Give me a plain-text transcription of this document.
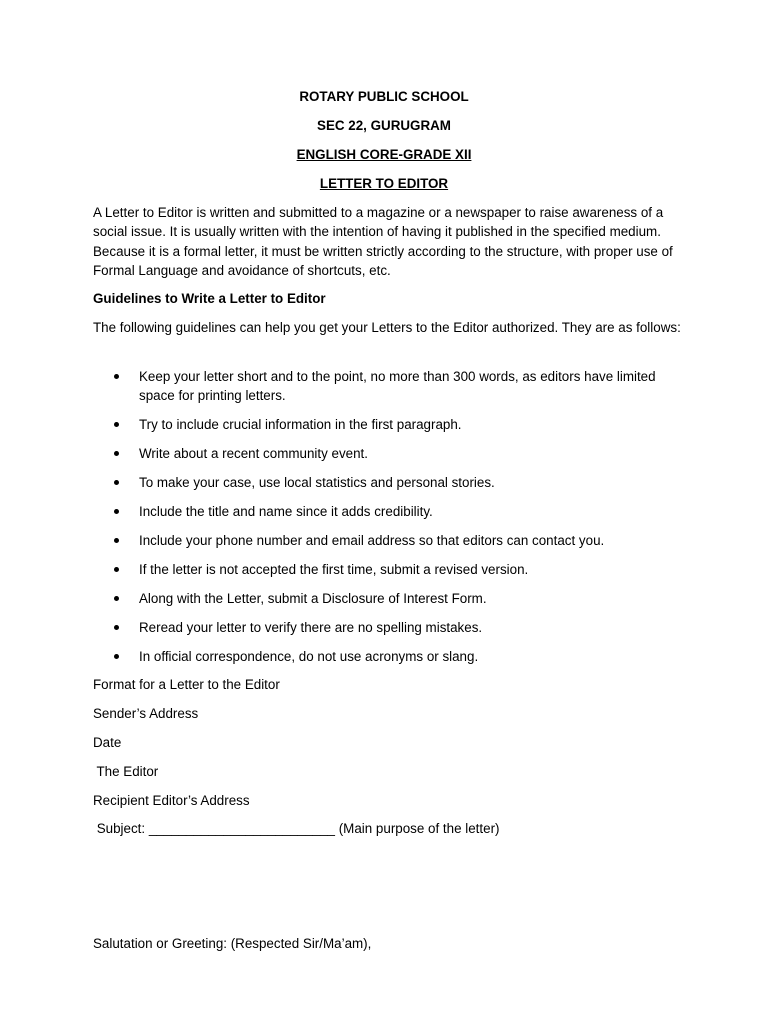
ROTARY PUBLIC SCHOOL
SEC 22, GURUGRAM
ENGLISH CORE-GRADE XII
LETTER TO EDITOR

A Letter to Editor is written and submitted to a magazine or a newspaper to raise awareness of a social issue. It is usually written with the intention of having it published in the specified medium. Because it is a formal letter, it must be written strictly according to the structure, with proper use of Formal Language and avoidance of shortcuts, etc.

Guidelines to Write a Letter to Editor

The following guidelines can help you get your Letters to the Editor authorized. They are as follows:

Keep your letter short and to the point, no more than 300 words, as editors have limited space for printing letters.
Try to include crucial information in the first paragraph.
Write about a recent community event.
To make your case, use local statistics and personal stories.
Include the title and name since it adds credibility.
Include your phone number and email address so that editors can contact you.
If the letter is not accepted the first time, submit a revised version.
Along with the Letter, submit a Disclosure of Interest Form.
Reread your letter to verify there are no spelling mistakes.
In official correspondence, do not use acronyms or slang.
Format for a Letter to the Editor
Sender’s Address
Date
The Editor
Recipient Editor’s Address
Subject: _________________________ (Main purpose of the letter)
Salutation or Greeting: (Respected Sir/Ma’am),
